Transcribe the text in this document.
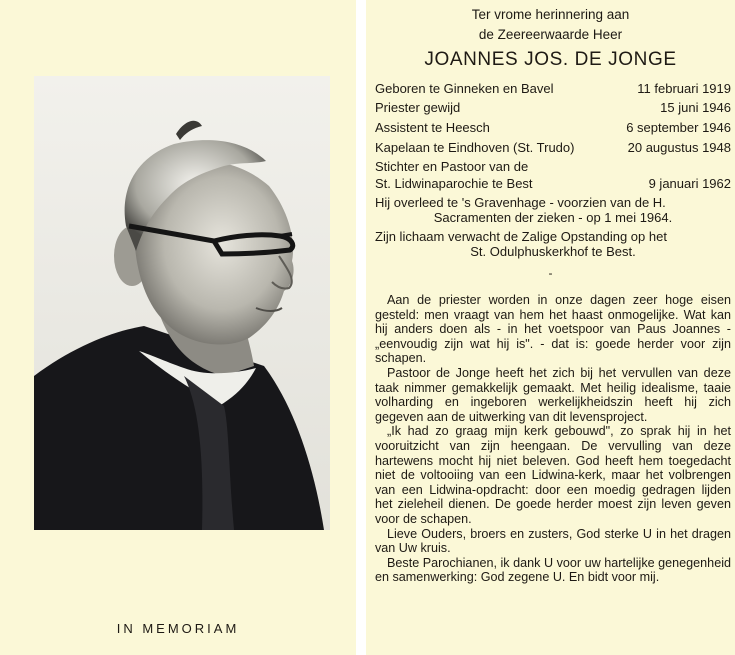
IN MEMORIAM
Ter vrome herinnering aan
de Zeereerwaarde Heer
JOANNES JOS. DE JONGE
Geboren te Ginneken en Bavel	11 februari 1919
Priester gewijd	15 juni 1946
Assistent te Heesch	6 september 1946
Kapelaan te Eindhoven (St. Trudo)	20 augustus 1948
Stichter en Pastoor van de
St. Lidwinaparochie te Best	9 januari 1962
Hij overleed te 's Gravenhage - voorzien van de H.
Sacramenten der zieken - op 1 mei 1964.
Zijn lichaam verwacht de Zalige Opstanding op het
St. Odulphuskerkhof te Best.
-

Aan de priester worden in onze dagen zeer hoge eisen gesteld: men vraagt van hem het haast onmogelijke. Wat kan hij anders doen als - in het voetspoor van Paus Joannes - „eenvoudig zijn wat hij is". - dat is: goede herder voor zijn schapen.

Pastoor de Jonge heeft het zich bij het vervullen van deze taak nimmer gemakkelijk gemaakt. Met heilig idealisme, taaie volharding en ingeboren werkelijkheidszin heeft hij zich gegeven aan de uitwerking van dit levensproject.

„Ik had zo graag mijn kerk gebouwd", zo sprak hij in het vooruitzicht van zijn heengaan. De vervulling van deze hartewens mocht hij niet beleven. God heeft hem toegedacht niet de voltooiing van een Lidwina-kerk, maar het volbrengen van een Lidwina-opdracht: door een moedig gedragen lijden het zieleheil dienen. De goede herder moest zijn leven geven voor de schapen.

Lieve Ouders, broers en zusters, God sterke U in het dragen van Uw kruis.

Beste Parochianen, ik dank U voor uw hartelijke genegenheid en samenwerking: God zegene U. En bidt voor mij.
